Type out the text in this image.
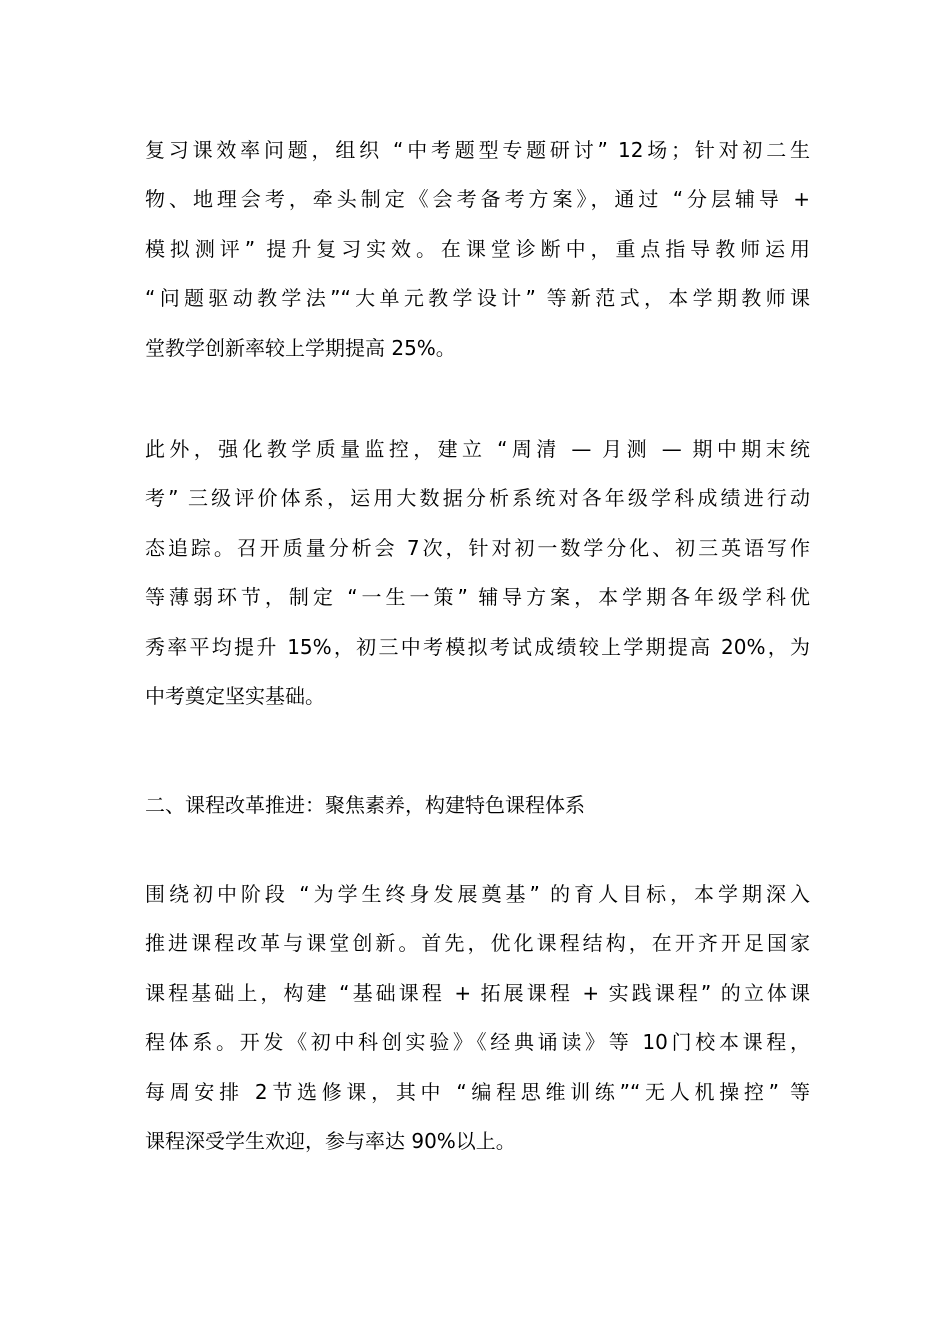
复习课效率问题，组织 “中考题型专题研讨” 12场；针对初二生
物、地理会考，牵头制定《会考备考方案》，通过 “分层辅导 +
模拟测评” 提升复习实效。在课堂诊断中，重点指导教师运用
“问题驱动教学法”“大单元教学设计” 等新范式，本学期教师课
堂教学创新率较上学期提高 25%。
此外，强化教学质量监控，建立 “周清 — 月测 — 期中期末统
考” 三级评价体系，运用大数据分析系统对各年级学科成绩进行动
态追踪。召开质量分析会 7次，针对初一数学分化、初三英语写作
等薄弱环节，制定 “一生一策” 辅导方案，本学期各年级学科优
秀率平均提升 15%，初三中考模拟考试成绩较上学期提高 20%，为
中考奠定坚实基础。
二、课程改革推进：聚焦素养，构建特色课程体系
围绕初中阶段 “为学生终身发展奠基” 的育人目标，本学期深入
推进课程改革与课堂创新。首先，优化课程结构，在开齐开足国家
课程基础上，构建 “基础课程 + 拓展课程 + 实践课程” 的立体课
程体系。开发《初中科创实验》《经典诵读》等 10门校本课程，
每周安排 2节选修课，其中 “编程思维训练”“无人机操控” 等
课程深受学生欢迎，参与率达 90%以上。
